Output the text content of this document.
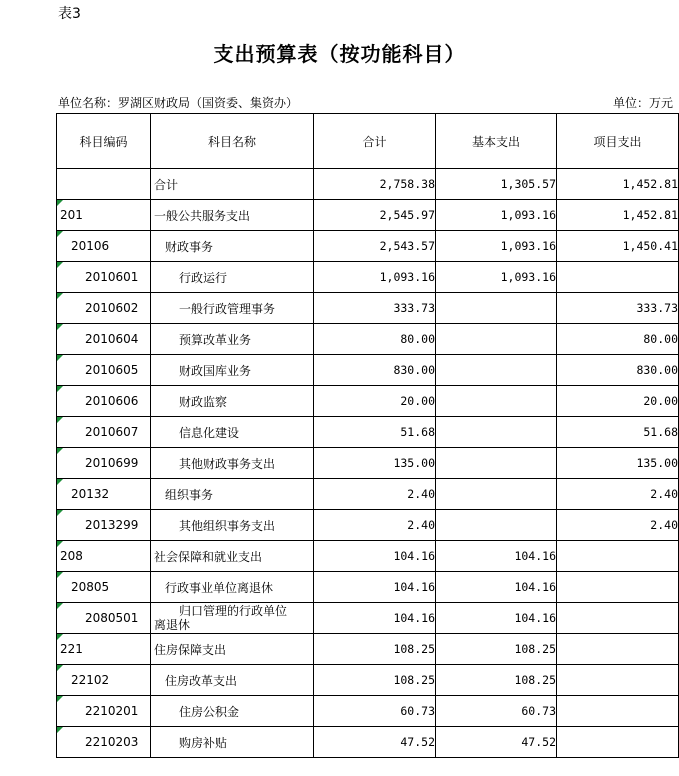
表3
支出预算表（按功能科目）
单位名称：罗湖区财政局（国资委、集资办）	单位：万元
科目编码	科目名称	合计	基本支出	项目支出
	合计	2,758.38	1,305.57	1,452.81

201	一般公共服务支出	2,545.97	1,093.16	1,452.81

20106	财政事务	2,543.57	1,093.16	1,450.41

2010601	行政运行	1,093.16	1,093.16	

2010602	一般行政管理事务	333.73		333.73

2010604	预算改革业务	80.00		80.00

2010605	财政国库业务	830.00		830.00

2010606	财政监察	20.00		20.00

2010607	信息化建设	51.68		51.68

2010699	其他财政事务支出	135.00		135.00

20132	组织事务	2.40		2.40

2013299	其他组织事务支出	2.40		2.40

208	社会保障和就业支出	104.16	104.16	

20805	行政事业单位离退休	104.16	104.16	

2080501	归口管理的行政单位
离退休	104.16	104.16	

221	住房保障支出	108.25	108.25	

22102	住房改革支出	108.25	108.25	

2210201	住房公积金	60.73	60.73	

2210203	购房补贴	47.52	47.52	
